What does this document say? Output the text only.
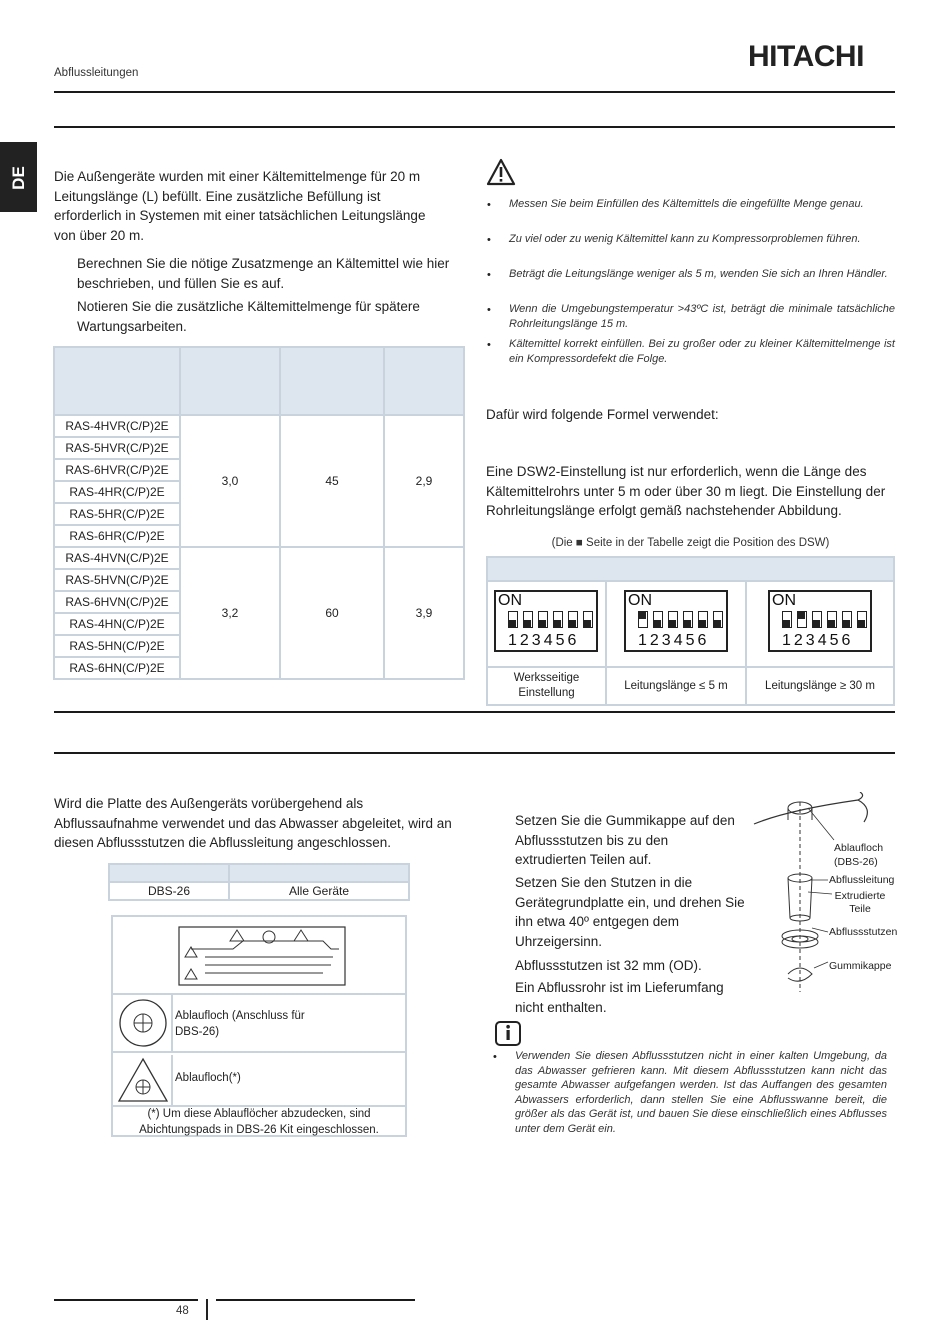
Abflussleitungen	HITACHI
DE Die Außengeräte wurden mit einer Kältemittelmenge für 20 m Leitungslänge (L) befüllt. Eine zusätzliche Befüllung ist erforderlich in Systemen mit einer tatsächlichen Leitungslänge von über 20 m.
Berechnen Sie die nötige Zusatzmenge an Kältemittel wie hier beschrieben, und füllen Sie es auf.
Notieren Sie die zusätzliche Kältemittelmenge für spätere Wartungsarbeiten.

RAS-4HVR(C/P)2E	3,0	45	2,9
RAS-5HVR(C/P)2E			
RAS-6HVR(C/P)2E			
RAS-4HR(C/P)2E			
RAS-5HR(C/P)2E			
RAS-6HR(C/P)2E			
RAS-4HVN(C/P)2E	3,2	60	3,9
RAS-5HVN(C/P)2E			
RAS-6HVN(C/P)2E			
RAS-4HN(C/P)2E			
RAS-5HN(C/P)2E			
RAS-6HN(C/P)2E			
• Messen Sie beim Einfüllen des Kältemittels die eingefüllte Menge genau.
• Zu viel oder zu wenig Kältemittel kann zu Kompressorproblemen führen.
• Beträgt die Leitungslänge weniger als 5 m, wenden Sie sich an Ihren Händler.
• Wenn die Umgebungstemperatur >43ºC ist, beträgt die minimale tatsächliche Rohrleitungslänge 15 m.
• Kältemittel korrekt einfüllen. Bei zu großer oder zu kleiner Kältemittelmenge ist ein Kompressordefekt die Folge.
Dafür wird folgende Formel verwendet:
Eine DSW2-Einstellung ist nur erforderlich, wenn die Länge des Kältemittelrohrs unter 5 m oder über 30 m liegt. Die Einstellung der Rohrleitungslänge erfolgt gemäß nachstehender Abbildung.
(Die ■ Seite in der Tabelle zeigt die Position des DSW)

Werksseitige Einstellung	Leitungslänge ≤ 5 m	Leitungslänge ≥ 30 m
ON
123456
ON
123456
ON
123456
Wird die Platte des Außengeräts vorübergehend als Abflussaufnahme verwendet und das Abwasser abgeleitet, wird an diesen Abflussstutzen die Abflussleitung angeschlossen.

DBS-26	Alle Geräte
Ablaufloch (Anschluss für DBS-26)
Ablaufloch(*)
(*) Um diese Ablauflöcher abzudecken, sind Abichtungspads in DBS-26 Kit eingeschlossen.
Setzen Sie die Gummikappe auf den Abflussstutzen bis zu den extrudierten Teilen auf.
Setzen Sie den Stutzen in die Gerätegrundplatte ein, und drehen Sie ihn etwa 40º entgegen dem Uhrzeigersinn.
Abflussstutzen ist 32 mm (OD).
Ein Abflussrohr ist im Lieferumfang nicht enthalten.
Ablaufloch (DBS-26)
Abflussleitung
Extrudierte Teile
Abflussstutzen
Gummikappe
• Verwenden Sie diesen Abflussstutzen nicht in einer kalten Umgebung, da das Abwasser gefrieren kann. Mit diesem Abflussstutzen kann nicht das gesamte Abwasser aufgefangen werden. Ist das Auffangen des gesamten Abwassers erforderlich, dann stellen Sie eine Abflusswanne bereit, die größer als das Gerät ist, und bauen Sie diese einschließlich eines Abflusses unter dem Gerät ein.
48
